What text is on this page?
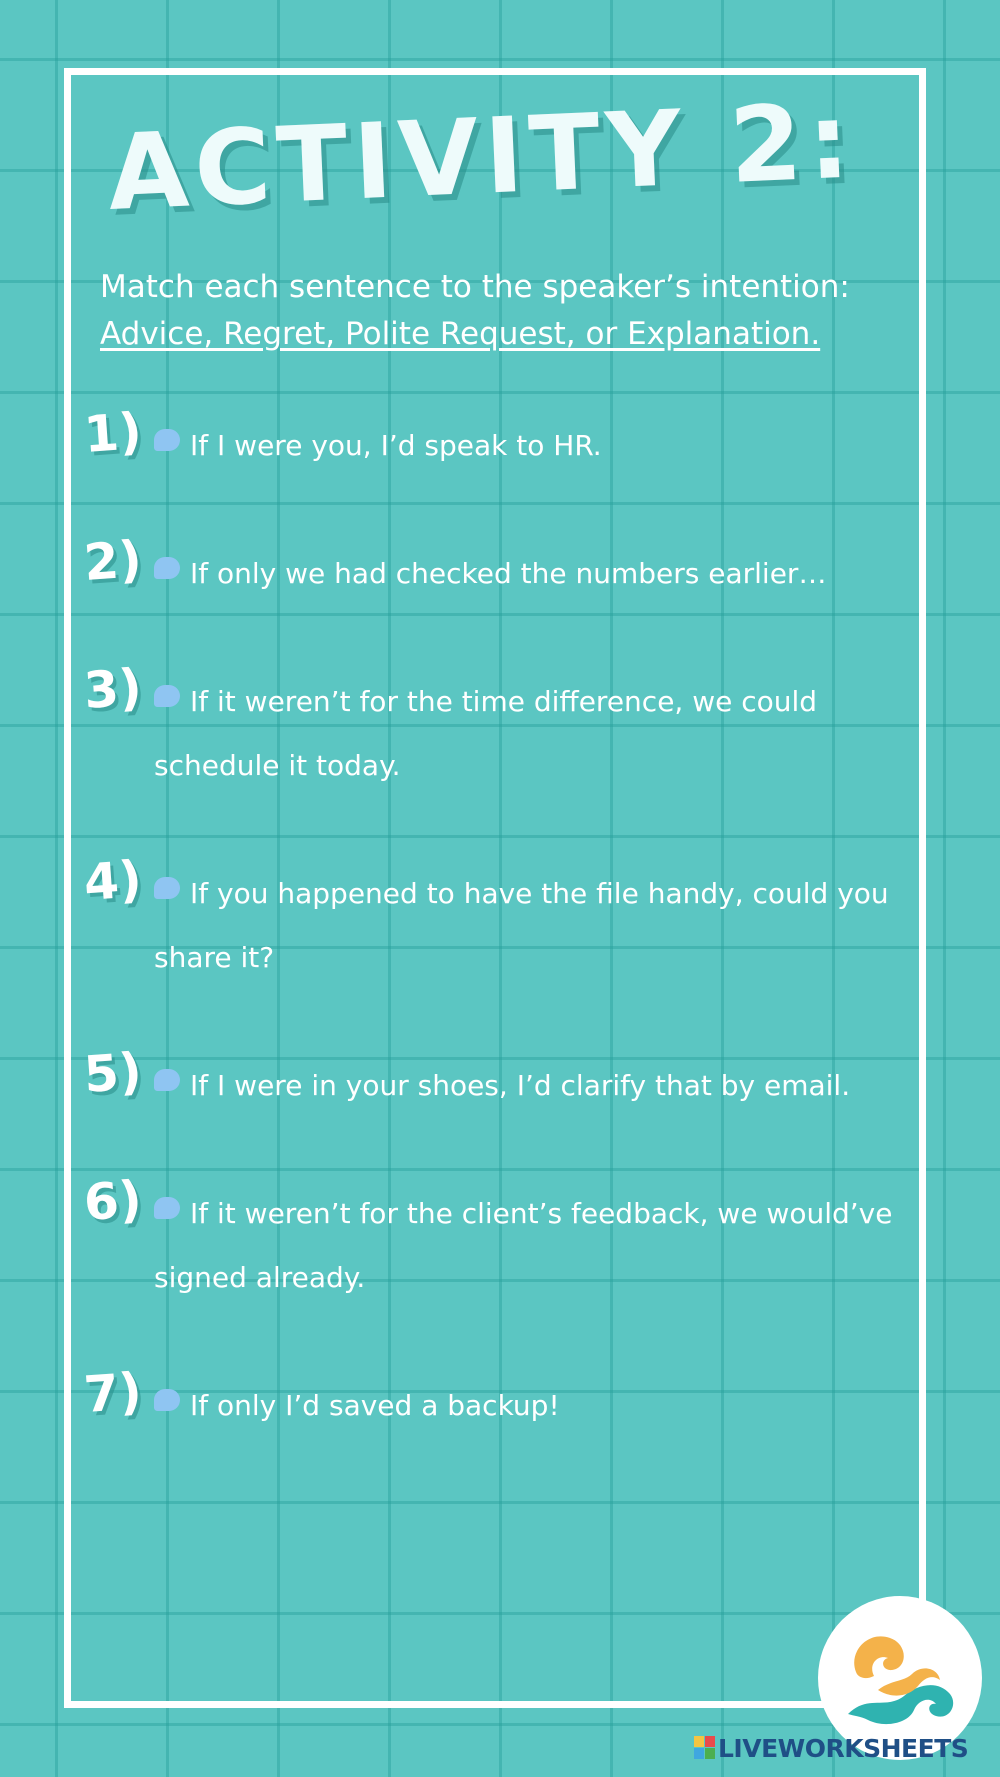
ACTIVITY 2:
Match each sentence to the speaker’s intention:
Advice, Regret, Polite Request, or Explanation.
1)	If I were you, I’d speak to HR.
2)	If only we had checked the numbers earlier…
3)	If it weren’t for the time difference, we could schedule it today.
4)	If you happened to have the file handy, could you share it?
5)	If I were in your shoes, I’d clarify that by email.
6)	If it weren’t for the client’s feedback, we would’ve signed already.
7)	If only I’d saved a backup!
LIVEWORKSHEETS
